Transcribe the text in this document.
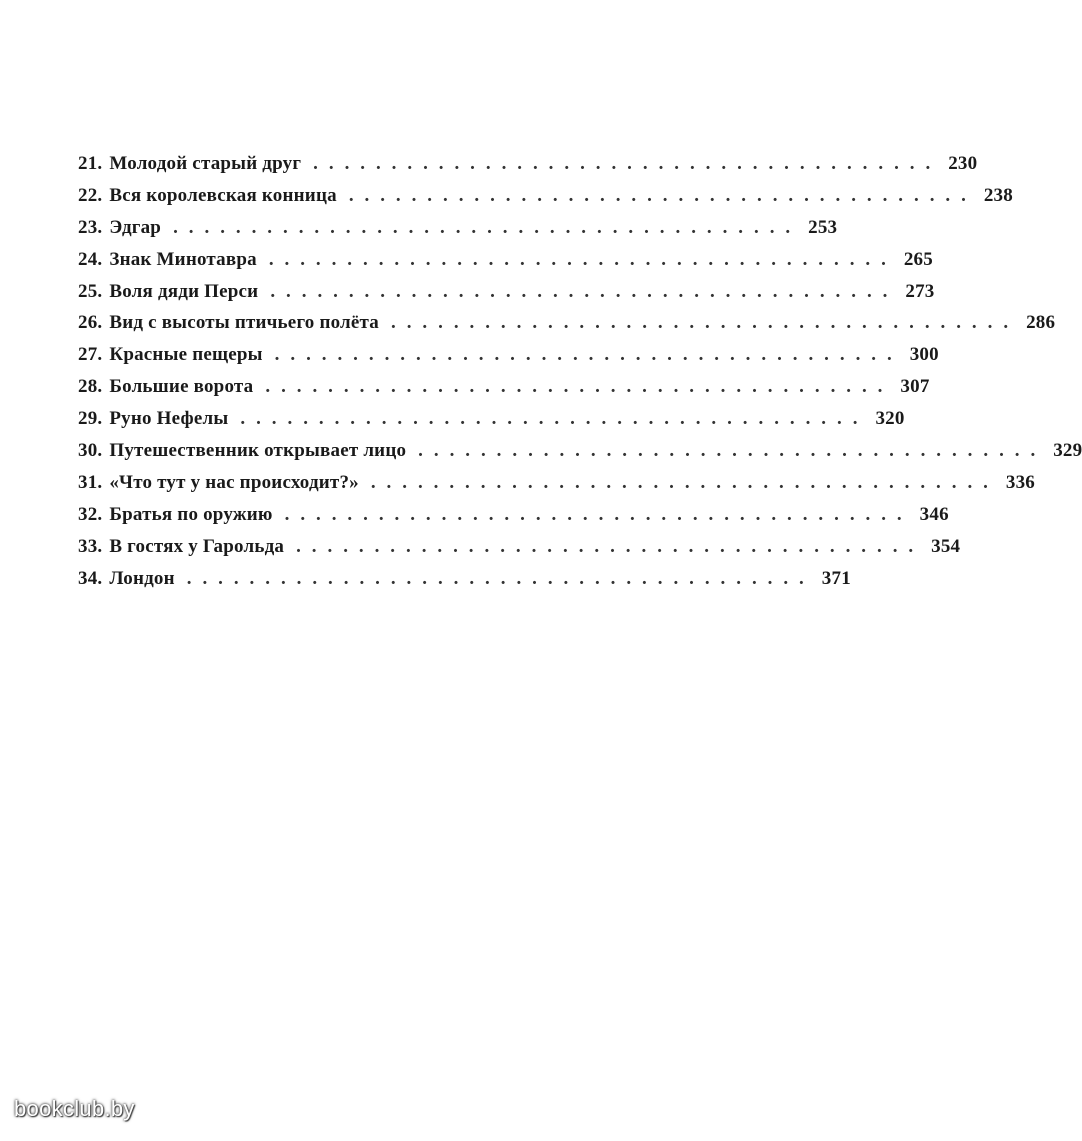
21. Молодой старый друг . . . . . . . . . . . . . . . . . . . . . . . . . . . . . . . . . . . . . . . . 230
22. Вся королевская конница . . . . . . . . . . . . . . . . . . . . . . . . . . . . . . . . . . . . . . . . 238
23. Эдгар . . . . . . . . . . . . . . . . . . . . . . . . . . . . . . . . . . . . . . . . 253
24. Знак Минотавра . . . . . . . . . . . . . . . . . . . . . . . . . . . . . . . . . . . . . . . . 265
25. Воля дяди Перси . . . . . . . . . . . . . . . . . . . . . . . . . . . . . . . . . . . . . . . . 273
26. Вид с высоты птичьего полёта . . . . . . . . . . . . . . . . . . . . . . . . . . . . . . . . . . . . . . . . 286
27. Красные пещеры . . . . . . . . . . . . . . . . . . . . . . . . . . . . . . . . . . . . . . . . 300
28. Большие ворота . . . . . . . . . . . . . . . . . . . . . . . . . . . . . . . . . . . . . . . . 307
29. Руно Нефелы . . . . . . . . . . . . . . . . . . . . . . . . . . . . . . . . . . . . . . . . 320
30. Путешественник открывает лицо . . . . . . . . . . . . . . . . . . . . . . . . . . . . . . . . . . . . . . . . 329
31. «Что тут у нас происходит?» . . . . . . . . . . . . . . . . . . . . . . . . . . . . . . . . . . . . . . . . 336
32. Братья по оружию . . . . . . . . . . . . . . . . . . . . . . . . . . . . . . . . . . . . . . . . 346
33. В гостях у Гарольда . . . . . . . . . . . . . . . . . . . . . . . . . . . . . . . . . . . . . . . . 354
34. Лондон . . . . . . . . . . . . . . . . . . . . . . . . . . . . . . . . . . . . . . . . 371
bookclub.by
